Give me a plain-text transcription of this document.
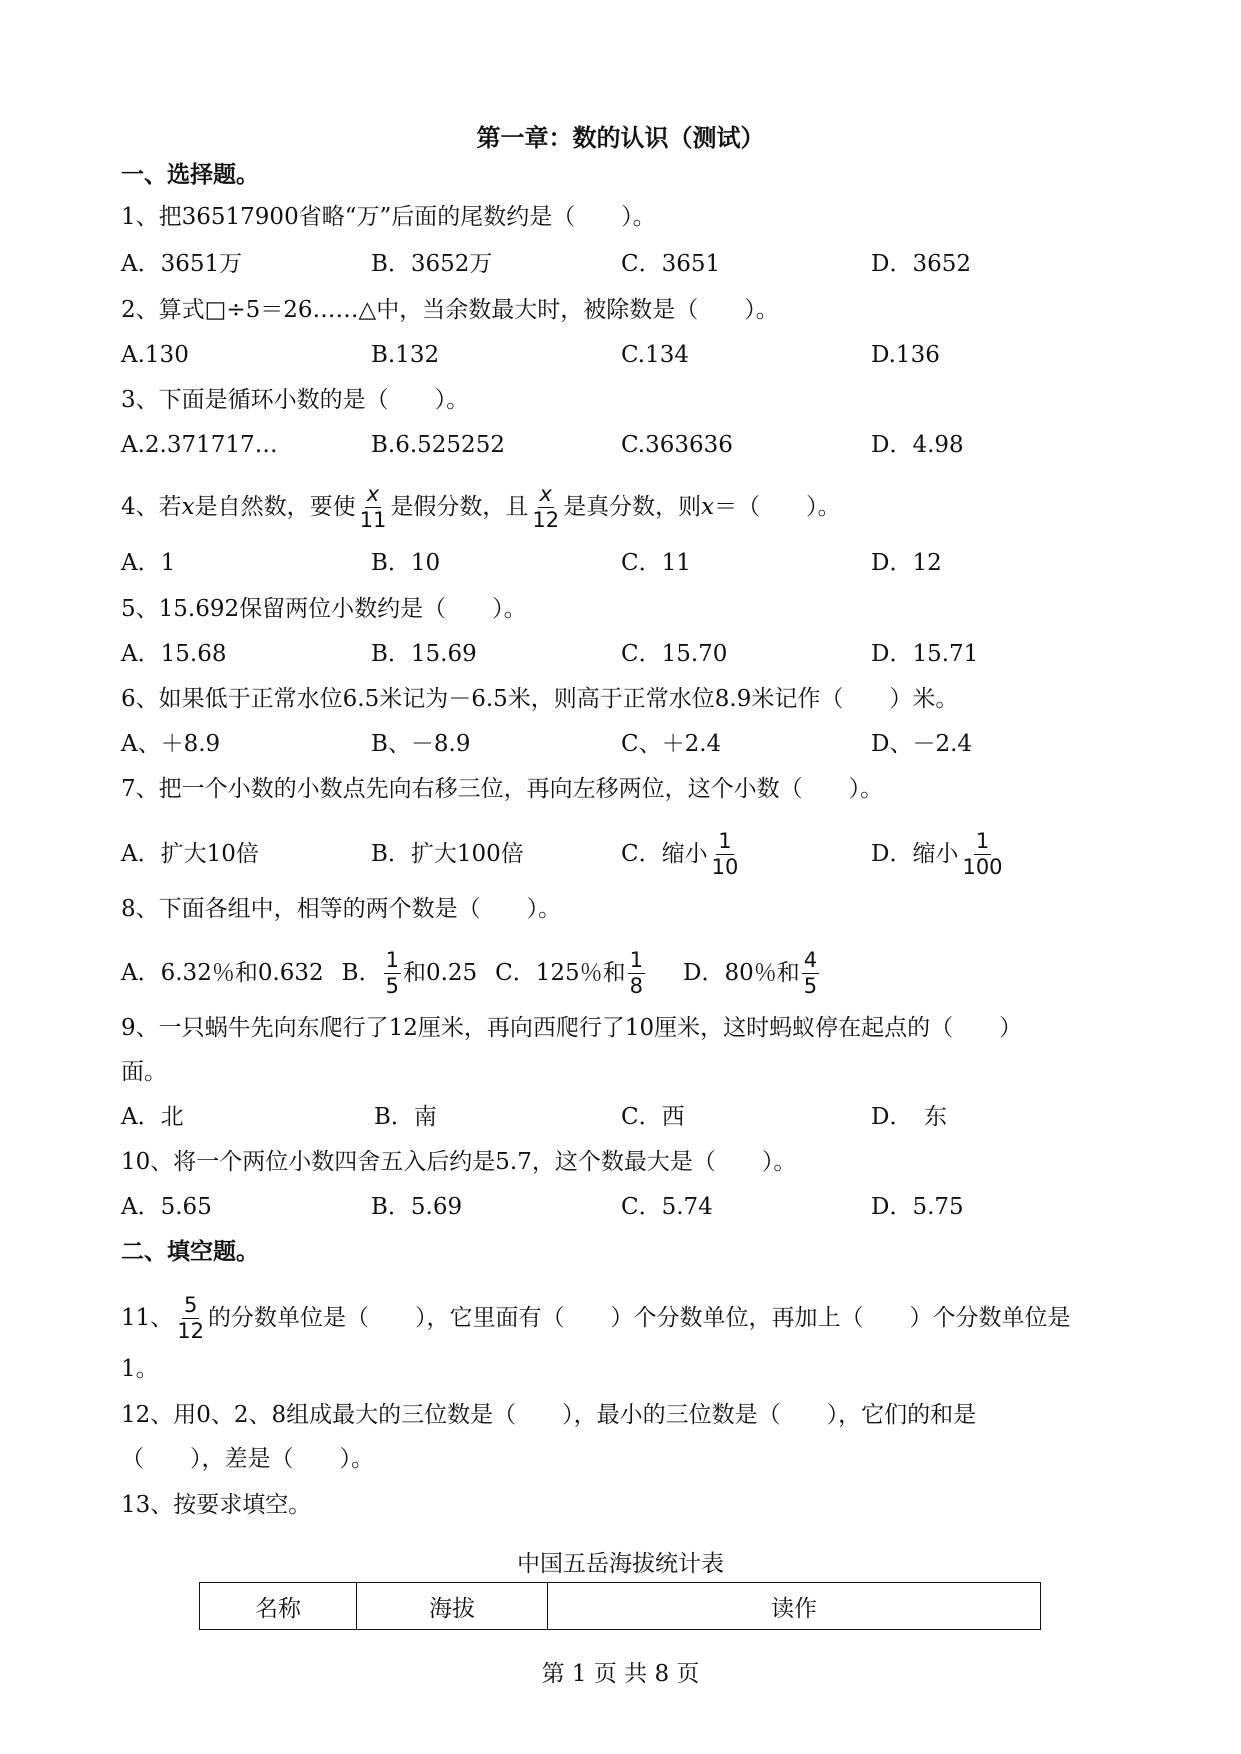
第一章：数的认识（测试）
一、选择题。
1、把36517900省略“万”后面的尾数约是（　　）。
A．3651万	B．3652万	C．3651	D．3652
2、算式□÷5＝26……△中，当余数最大时，被除数是（　　）。
A.130	B.132	C.134	D.136
3、下面是循环小数的是（　　）。
A.2.371717…	B.6.525252	C.363636	D．4.98
4、若 x 是自然数，要使 $\frac{x}{11}$ 是假分数，且 $\frac{x}{12}$ 是真分数，则 x ＝（　　）。
A．1	B．10	C．11	D．12
5、15.692保留两位小数约是（　　）。
A．15.68	B．15.69	C．15.70	D．15.71
6、如果低于正常水位6.5米记为－6.5米，则高于正常水位8.9米记作（　　）米。
A、＋8.9	B、－8.9	C、＋2.4	D、－2.4
7、把一个小数的小数点先向右移三位，再向左移两位，这个小数（　　）。
A．扩大10倍	B．扩大100倍	C．缩小 $\frac{1}{10}$	D．缩小 $\frac{1}{100}$
8、下面各组中，相等的两个数是（　　）。
A．6.32％和0.632 B． $\frac{1}{5}$ 和0.25 C．125％和 $\frac{1}{8}$ D．80％和 $\frac{4}{5}$
9、一只蜗牛先向东爬行了12厘米，再向西爬行了10厘米，这时蚂蚁停在起点的（　　）
面。
A．北	B．南	C．西	D．　东
10、将一个两位小数四舍五入后约是5.7，这个数最大是（　　）。
A．5.65	B．5.69	C．5.74	D．5.75
二、填空题。
11、 $\frac{5}{12}$ 的分数单位是（　　），它里面有（　　）个分数单位，再加上（　　）个分数单位是
1。
12、用0、2、8组成最大的三位数是（　　），最小的三位数是（　　），它们的和是
（　　），差是（　　）。
13、按要求填空。
中国五岳海拔统计表
名称	海拔	读作
第 1 页 共 8 页
